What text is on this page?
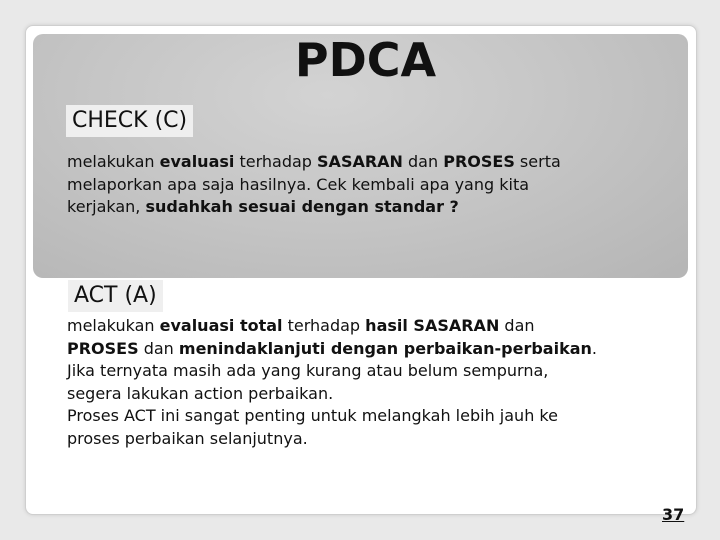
PDCA
CHECK (C)

melakukan evaluasi terhadap SASARAN dan PROSES serta
melaporkan apa saja hasilnya. Cek kembali apa yang kita
kerjakan, sudahkah sesuai dengan standar ?

ACT (A)

melakukan evaluasi total terhadap hasil SASARAN dan
PROSES dan menindaklanjuti dengan perbaikan-perbaikan.
Jika ternyata masih ada yang kurang atau belum sempurna,
segera lakukan action perbaikan.
Proses ACT ini sangat penting untuk melangkah lebih jauh ke
proses perbaikan selanjutnya.

37
